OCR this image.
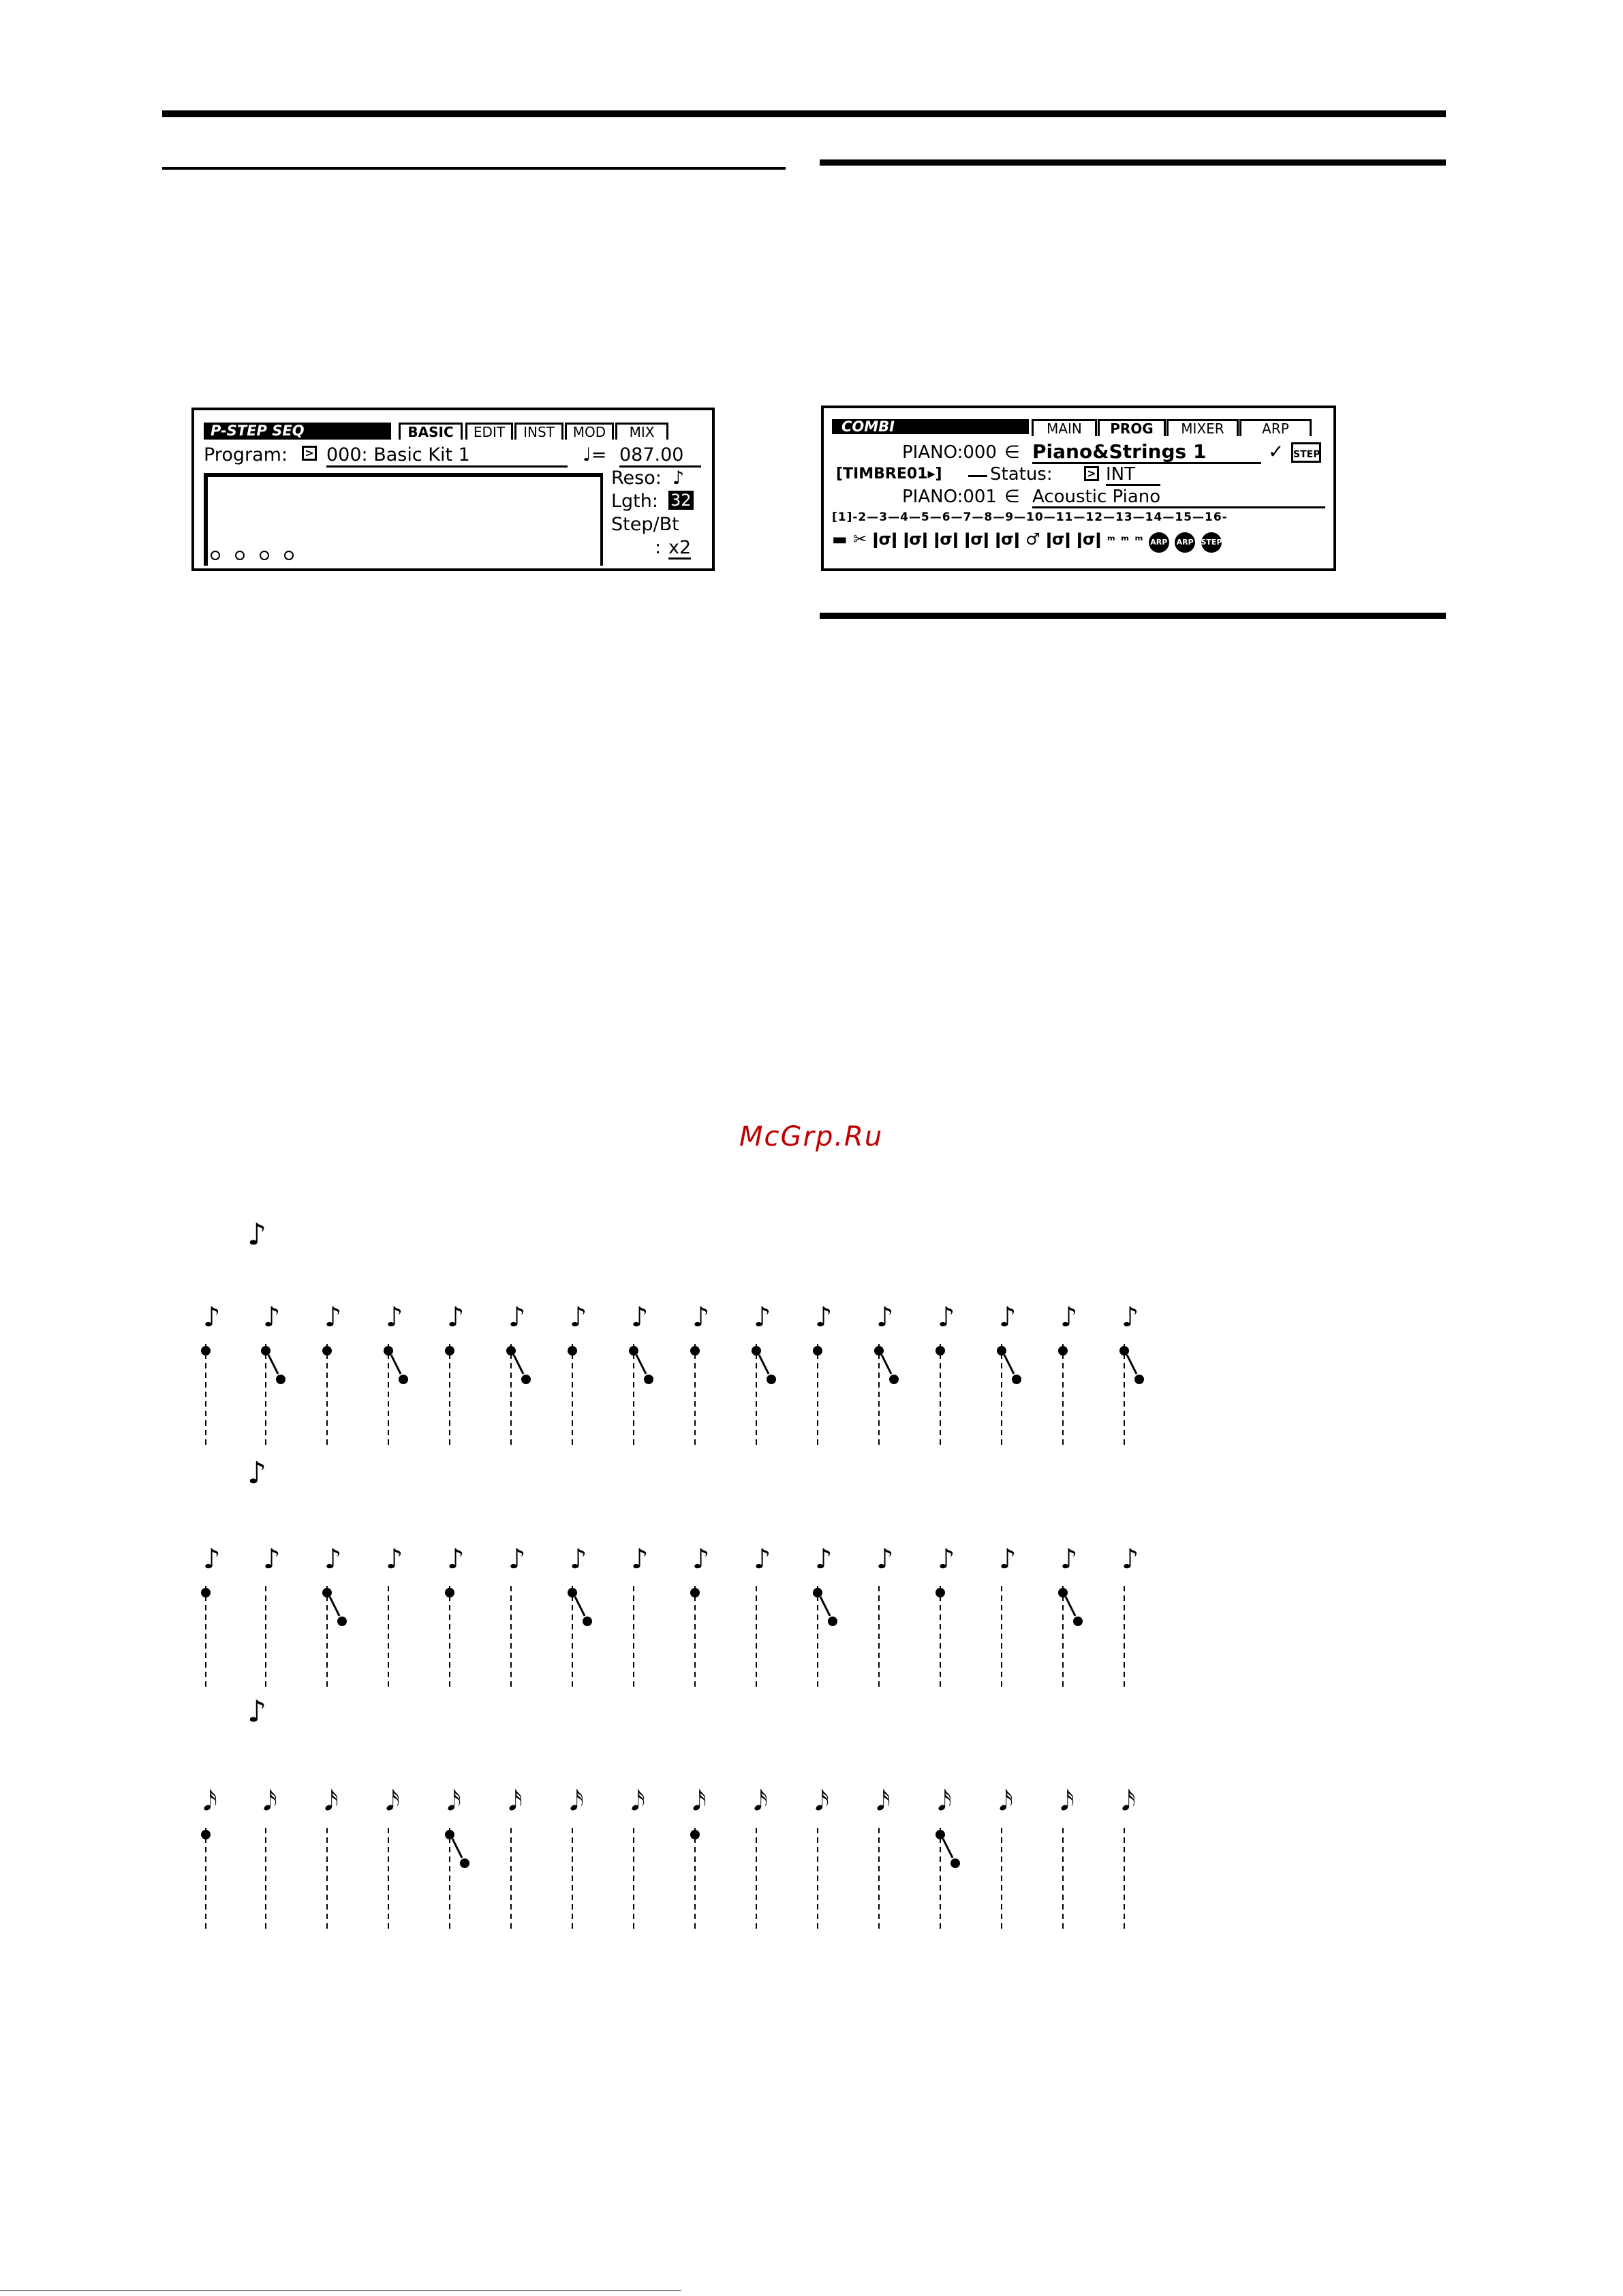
P-STEP SEQ	BASIC	EDIT	INST	MOD	MIX
Program: > 000: Basic Kit 1	♩= 087.00
Reso: ♪
Lgth: 32
Step/Bt
: x2
COMBI	MAIN	PROG	MIXER	ARP
PIANO:000 ∈ Piano&Strings 1	✓ STEP
[TIMBRE01▸]	Status:	> INT
PIANO:001 ∈ Acoustic Piano
[1]-2—3—4—5—6—7—8—9—10—11—12—13—14—15—16-
▬ ✂ ǀσǀ ǀσǀ ǀσǀ ǀσǀ ǀσǀ ♂ ǀσǀ ǀσǀ ᵐ ᵐ ᵐ ARP ARP STEP
McGrp.Ru
♪
♪
♪
♪ ♪ ♪ ♪ ♪ ♪ ♪ ♪ ♪ ♪ ♪ ♪ ♪ ♪ ♪ ♪
♪ ♪ ♪ ♪ ♪ ♪ ♪ ♪ ♪ ♪ ♪ ♪ ♪ ♪ ♪ ♪
𝅘𝅥𝅯 𝅘𝅥𝅯 𝅘𝅥𝅯 𝅘𝅥𝅯 𝅘𝅥𝅯 𝅘𝅥𝅯 𝅘𝅥𝅯 𝅘𝅥𝅯 𝅘𝅥𝅯 𝅘𝅥𝅯 𝅘𝅥𝅯 𝅘𝅥𝅯 𝅘𝅥𝅯 𝅘𝅥𝅯 𝅘𝅥𝅯 𝅘𝅥𝅯
